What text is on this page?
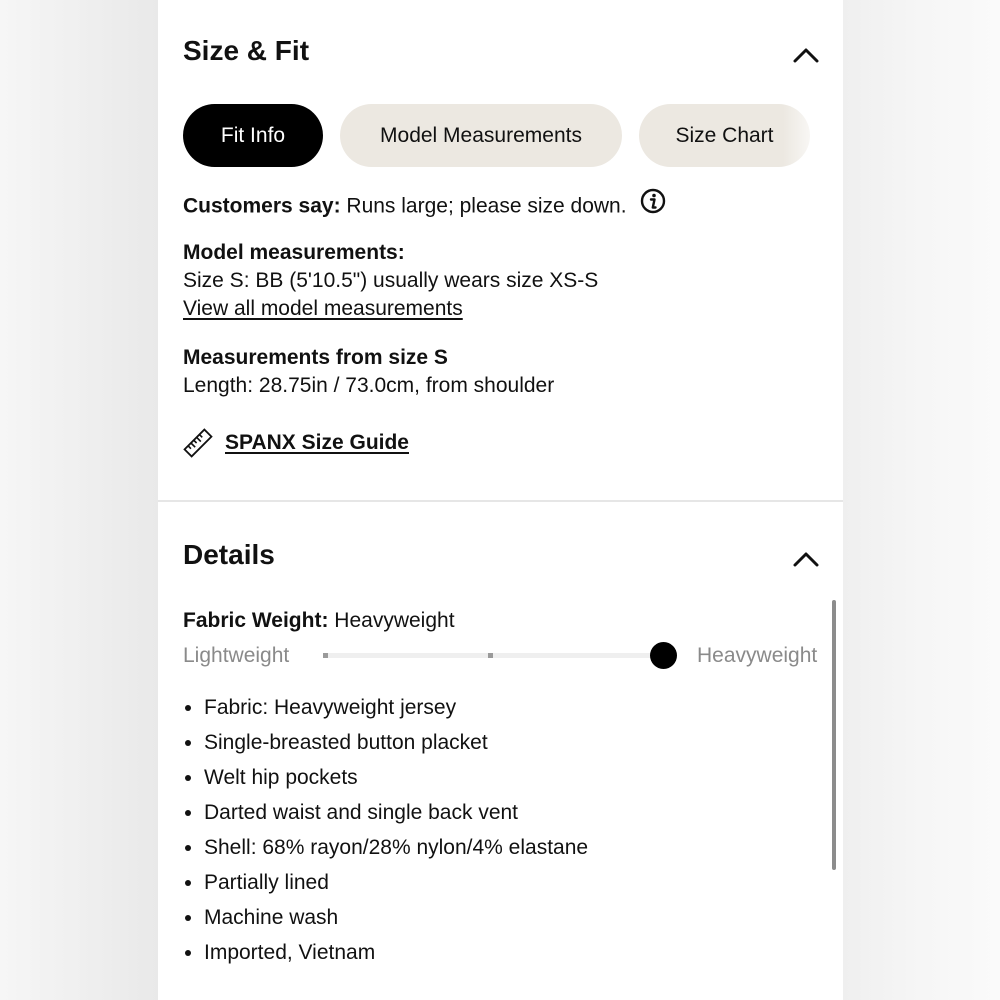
Size & Fit
Fit Info	Model Measurements	Size Chart
Customers say: Runs large; please size down.
Model measurements:
Size S: BB (5'10.5") usually wears size XS-S
View all model measurements
Measurements from size S
Length: 28.75in / 73.0cm, from shoulder
SPANX Size Guide
Details
Fabric Weight: Heavyweight
Lightweight	Heavyweight
• Fabric: Heavyweight jersey
• Single-breasted button placket
• Welt hip pockets
• Darted waist and single back vent
• Shell: 68% rayon/28% nylon/4% elastane
• Partially lined
• Machine wash
• Imported, Vietnam
